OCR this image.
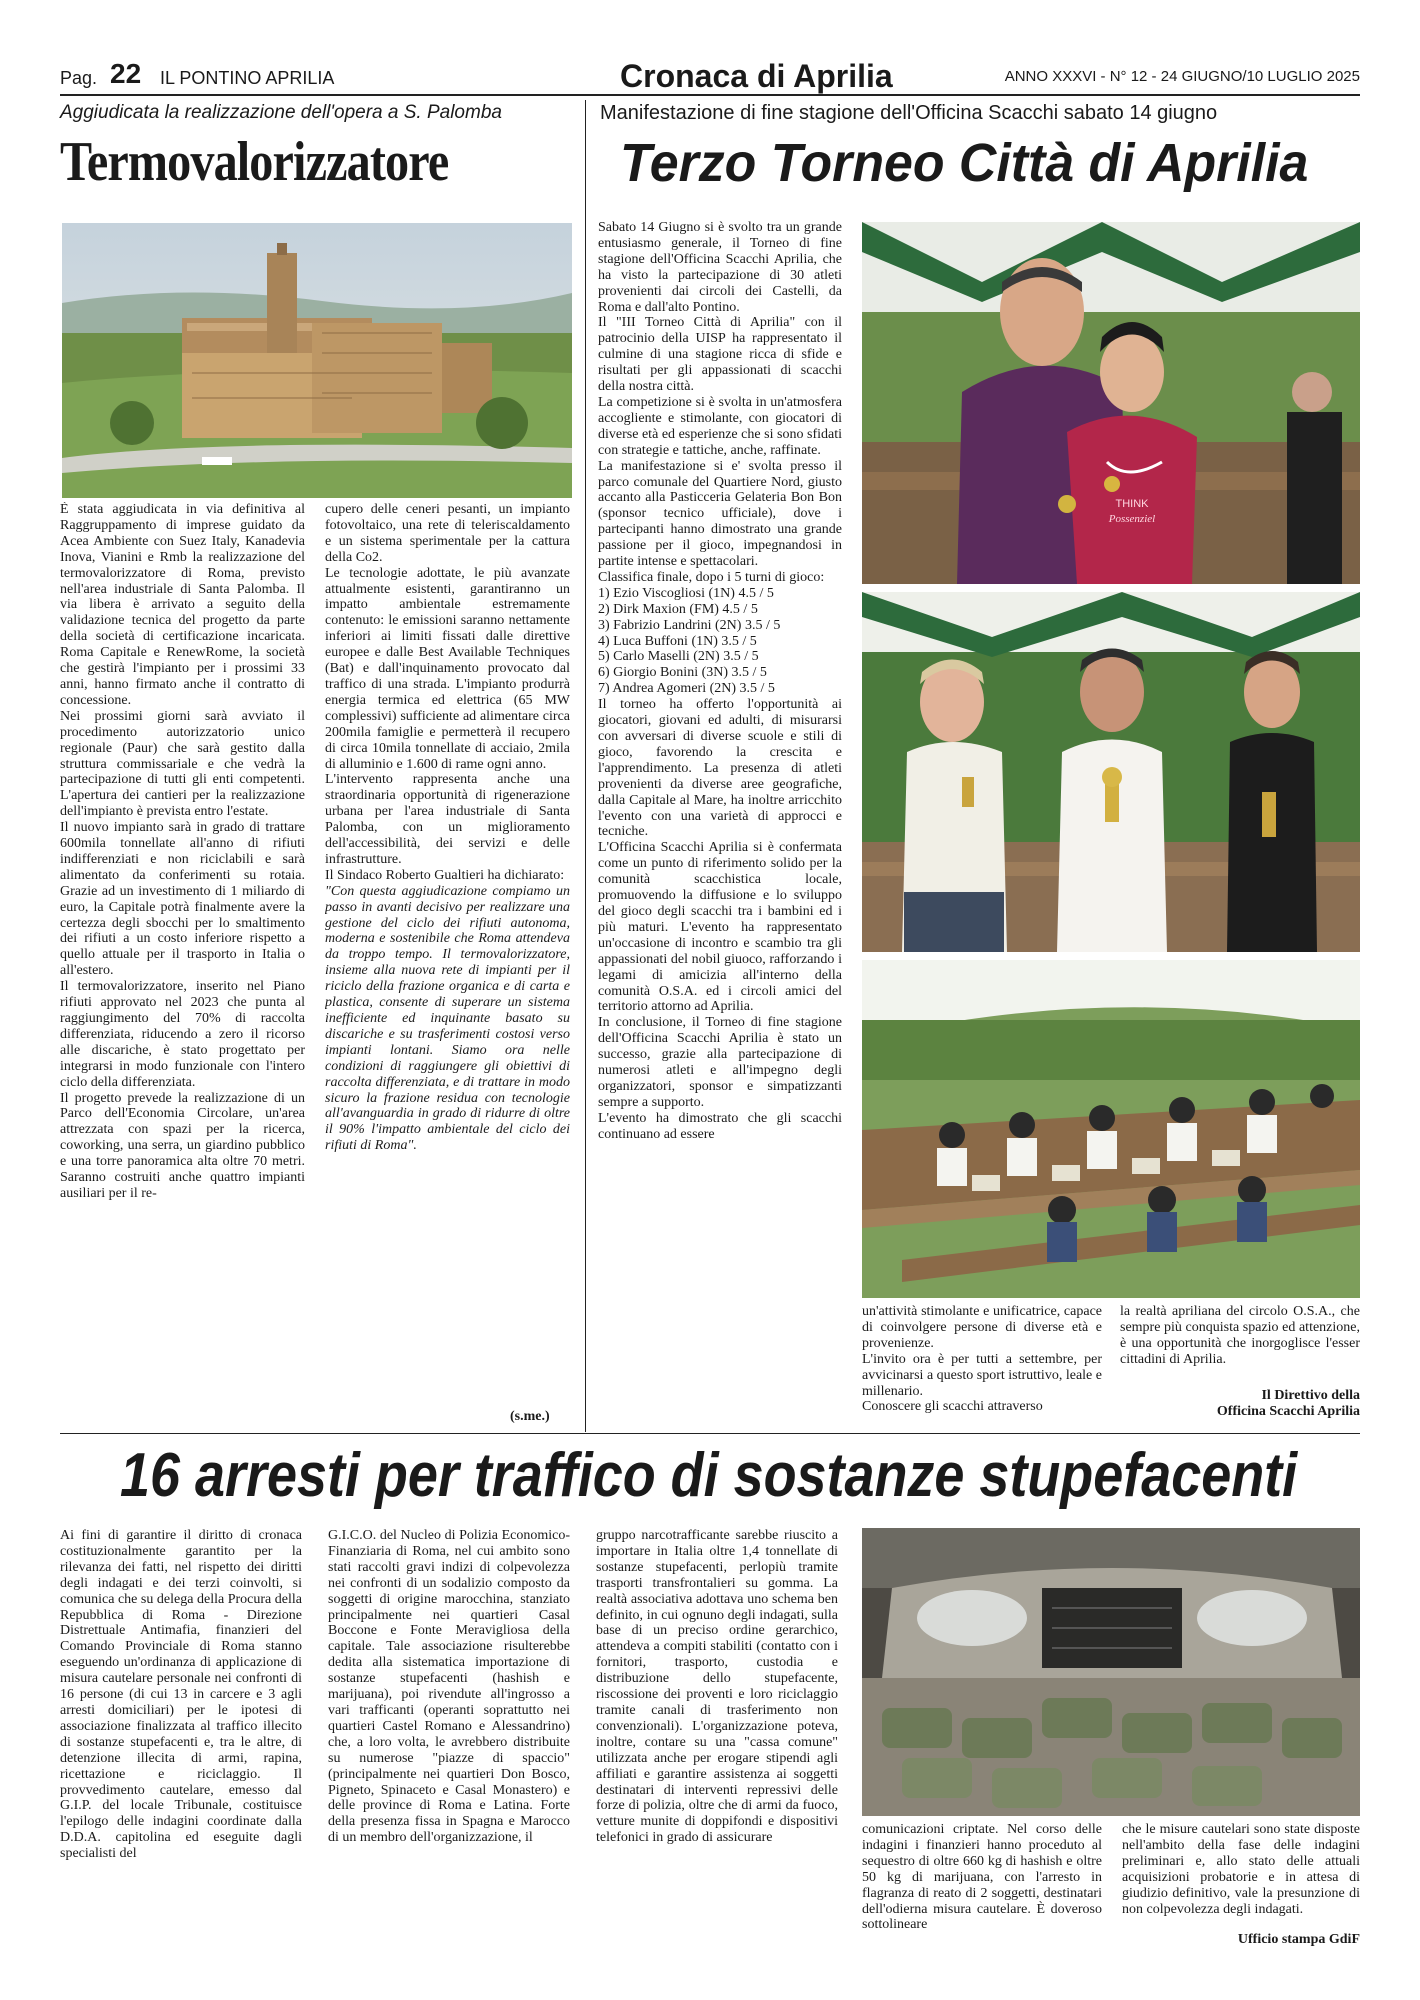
Pag. 22 IL PONTINO APRILIA	Cronaca di Aprilia	ANNO XXXVI - N° 12 - 24 GIUGNO/10 LUGLIO 2025
Aggiudicata la realizzazione dell'opera a S. Palomba
Termovalorizzatore
È stata aggiudicata in via definitiva al Raggruppamento di imprese guidato da Acea Ambiente con Suez Italy, Kanadevia Inova, Vianini e Rmb la realizzazione del termovalorizzatore di Roma, previsto nell'area industriale di Santa Palomba. Il via libera è arrivato a seguito della validazione tecnica del progetto da parte della società di certificazione incaricata. Roma Capitale e RenewRome, la società che gestirà l'impianto per i prossimi 33 anni, hanno firmato anche il contratto di concessione.
Nei prossimi giorni sarà avviato il procedimento autorizzatorio unico regionale (Paur) che sarà gestito dalla struttura commissariale e che vedrà la partecipazione di tutti gli enti competenti. L'apertura dei cantieri per la realizzazione dell'impianto è prevista entro l'estate.
Il nuovo impianto sarà in grado di trattare 600mila tonnellate all'anno di rifiuti indifferenziati e non riciclabili e sarà alimentato da conferimenti su rotaia. Grazie ad un investimento di 1 miliardo di euro, la Capitale potrà finalmente avere la certezza degli sbocchi per lo smaltimento dei rifiuti a un costo inferiore rispetto a quello attuale per il trasporto in Italia o all'estero.
Il termovalorizzatore, inserito nel Piano rifiuti approvato nel 2023 che punta al raggiungimento del 70% di raccolta differenziata, riducendo a zero il ricorso alle discariche, è stato progettato per integrarsi in modo funzionale con l'intero ciclo della differenziata.
Il progetto prevede la realizzazione di un Parco dell'Economia Circolare, un'area attrezzata con spazi per la ricerca, coworking, una serra, un giardino pubblico e una torre panoramica alta oltre 70 metri. Saranno costruiti anche quattro impianti ausiliari per il re-
cupero delle ceneri pesanti, un impianto fotovoltaico, una rete di teleriscaldamento e un sistema sperimentale per la cattura della Co2.
Le tecnologie adottate, le più avanzate attualmente esistenti, garantiranno un impatto ambientale estremamente contenuto: le emissioni saranno nettamente inferiori ai limiti fissati dalle direttive europee e dalle Best Available Techniques (Bat) e dall'inquinamento provocato dal traffico di una strada. L'impianto produrrà energia termica ed elettrica (65 MW complessivi) sufficiente ad alimentare circa 200mila famiglie e permetterà il recupero di circa 10mila tonnellate di acciaio, 2mila di alluminio e 1.600 di rame ogni anno.
L'intervento rappresenta anche una straordinaria opportunità di rigenerazione urbana per l'area industriale di Santa Palomba, con un miglioramento dell'accessibilità, dei servizi e delle infrastrutture.
Il Sindaco Roberto Gualtieri ha dichiarato:
"Con questa aggiudicazione compiamo un passo in avanti decisivo per realizzare una gestione del ciclo dei rifiuti autonoma, moderna e sostenibile che Roma attendeva da troppo tempo. Il termovalorizzatore, insieme alla nuova rete di impianti per il riciclo della frazione organica e di carta e plastica, consente di superare un sistema inefficiente ed inquinante basato su discariche e su trasferimenti costosi verso impianti lontani. Siamo ora nelle condizioni di raggiungere gli obiettivi di raccolta differenziata, e di trattare in modo sicuro la frazione residua con tecnologie all'avanguardia in grado di ridurre di oltre il 90% l'impatto ambientale del ciclo dei rifiuti di Roma".
(s.me.)
Manifestazione di fine stagione dell'Officina Scacchi sabato 14 giugno
Terzo Torneo Città di Aprilia
Sabato 14 Giugno si è svolto tra un grande entusiasmo generale, il Torneo di fine stagione dell'Officina Scacchi Aprilia, che ha visto la partecipazione di 30 atleti provenienti dai circoli dei Castelli, da Roma e dall'alto Pontino.
Il "III Torneo Città di Aprilia" con il patrocinio della UISP ha rappresentato il culmine di una stagione ricca di sfide e risultati per gli appassionati di scacchi della nostra città.
La competizione si è svolta in un'atmosfera accogliente e stimolante, con giocatori di diverse età ed esperienze che si sono sfidati con strategie e tattiche, anche, raffinate.
La manifestazione si e' svolta presso il parco comunale del Quartiere Nord, giusto accanto alla Pasticceria Gelateria Bon Bon (sponsor tecnico ufficiale), dove i partecipanti hanno dimostrato una grande passione per il gioco, impegnandosi in partite intense e spettacolari.
Classifica finale, dopo i 5 turni di gioco:
1) Ezio Viscogliosi (1N) 4.5 / 5
2) Dirk Maxion (FM) 4.5 / 5
3) Fabrizio Landrini (2N) 3.5 / 5
4) Luca Buffoni (1N) 3.5 / 5
5) Carlo Maselli (2N) 3.5 / 5
6) Giorgio Bonini (3N) 3.5 / 5
7) Andrea Agomeri (2N) 3.5 / 5
Il torneo ha offerto l'opportunità ai giocatori, giovani ed adulti, di misurarsi con avversari di diverse scuole e stili di gioco, favorendo la crescita e l'apprendimento. La presenza di atleti provenienti da diverse aree geografiche, dalla Capitale al Mare, ha inoltre arricchito l'evento con una varietà di approcci e tecniche.
L'Officina Scacchi Aprilia si è confermata come un punto di riferimento solido per la comunità scacchistica locale, promuovendo la diffusione e lo sviluppo del gioco degli scacchi tra i bambini ed i più maturi. L'evento ha rappresentato un'occasione di incontro e scambio tra gli appassionati del nobil giuoco, rafforzando i legami di amicizia all'interno della comunità O.S.A. ed i circoli amici del territorio attorno ad Aprilia.
In conclusione, il Torneo di fine stagione dell'Officina Scacchi Aprilia è stato un successo, grazie alla partecipazione di numerosi atleti e all'impegno degli organizzatori, sponsor e simpatizzanti sempre a supporto.
L'evento ha dimostrato che gli scacchi continuano ad essere
THINK
Possenziel
un'attività stimolante e unificatrice, capace di coinvolgere persone di diverse età e provenienze.
L'invito ora è per tutti a settembre, per avvicinarsi a questo sport istruttivo, leale e millenario.
Conoscere gli scacchi attraverso
la realtà apriliana del circolo O.S.A., che sempre più conquista spazio ed attenzione, è una opportunità che inorgoglisce l'esser cittadini di Aprilia.
Il Direttivo della
Officina Scacchi Aprilia
16 arresti per traffico di sostanze stupefacenti
Ai fini di garantire il diritto di cronaca costituzionalmente garantito per la rilevanza dei fatti, nel rispetto dei diritti degli indagati e dei terzi coinvolti, si comunica che su delega della Procura della Repubblica di Roma - Direzione Distrettuale Antimafia, finanzieri del Comando Provinciale di Roma stanno eseguendo un'ordinanza di applicazione di misura cautelare personale nei confronti di 16 persone (di cui 13 in carcere e 3 agli arresti domiciliari) per le ipotesi di associazione finalizzata al traffico illecito di sostanze stupefacenti e, tra le altre, di detenzione illecita di armi, rapina, ricettazione e riciclaggio. Il provvedimento cautelare, emesso dal G.I.P. del locale Tribunale, costituisce l'epilogo delle indagini coordinate dalla D.D.A. capitolina ed eseguite dagli specialisti del
G.I.C.O. del Nucleo di Polizia Economico-Finanziaria di Roma, nel cui ambito sono stati raccolti gravi indizi di colpevolezza nei confronti di un sodalizio composto da soggetti di origine marocchina, stanziato principalmente nei quartieri Casal Boccone e Fonte Meravigliosa della capitale. Tale associazione risulterebbe dedita alla sistematica importazione di sostanze stupefacenti (hashish e marijuana), poi rivendute all'ingrosso a vari trafficanti (operanti soprattutto nei quartieri Castel Romano e Alessandrino) che, a loro volta, le avrebbero distribuite su numerose "piazze di spaccio" (principalmente nei quartieri Don Bosco, Pigneto, Spinaceto e Casal Monastero) e delle province di Roma e Latina. Forte della presenza fissa in Spagna e Marocco di un membro dell'organizzazione, il
gruppo narcotrafficante sarebbe riuscito a importare in Italia oltre 1,4 tonnellate di sostanze stupefacenti, perlopiù tramite trasporti transfrontalieri su gomma. La realtà associativa adottava uno schema ben definito, in cui ognuno degli indagati, sulla base di un preciso ordine gerarchico, attendeva a compiti stabiliti (contatto con i fornitori, trasporto, custodia e distribuzione dello stupefacente, riscossione dei proventi e loro riciclaggio tramite canali di trasferimento non convenzionali). L'organizzazione poteva, inoltre, contare su una "cassa comune" utilizzata anche per erogare stipendi agli affiliati e garantire assistenza ai soggetti destinatari di interventi repressivi delle forze di polizia, oltre che di armi da fuoco, vetture munite di doppifondi e dispositivi telefonici in grado di assicurare
comunicazioni criptate. Nel corso delle indagini i finanzieri hanno proceduto al sequestro di oltre 660 kg di hashish e oltre 50 kg di marijuana, con l'arresto in flagranza di reato di 2 soggetti, destinatari dell'odierna misura cautelare. È doveroso sottolineare
che le misure cautelari sono state disposte nell'ambito della fase delle indagini preliminari e, allo stato delle attuali acquisizioni probatorie e in attesa di giudizio definitivo, vale la presunzione di non colpevolezza degli indagati.
Ufficio stampa GdiF
